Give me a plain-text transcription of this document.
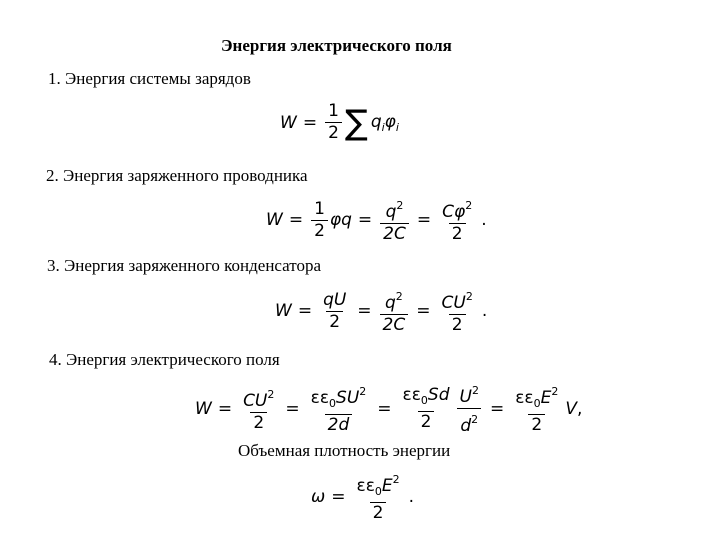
Энергия электрического поля
1. Энергия системы зарядов
$W = \frac{1}{2}$ ∑ $q_i\varphi_i$
2. Энергия заряженного проводника
$W = \frac{1}{2}$ $\varphi q = \frac{q^2}{2C} = \frac{C\varphi^2}{2}$ .
3. Энергия заряженного конденсатора
$W = \frac{qU}{2} = \frac{q^2}{2C} = \frac{CU^2}{2}$ .
4. Энергия электрического поля
$W = \frac{CU^2}{2} = \frac{\varepsilon\varepsilon_0SU^2}{2d} = \frac{\varepsilon\varepsilon_0Sd}{2} \frac{U^2}{d^2} = \frac{\varepsilon\varepsilon_0E^2}{2}$ V ,
Объемная плотность энергии
$\omega = \frac{\varepsilon\varepsilon_0E^2}{2}$ .
